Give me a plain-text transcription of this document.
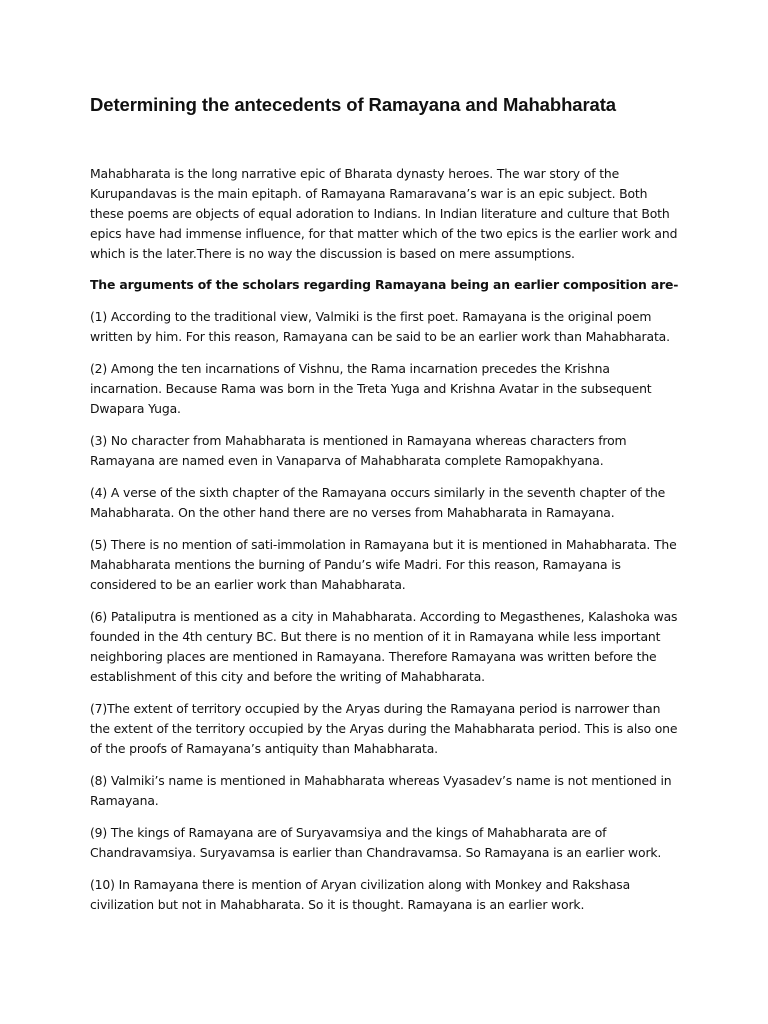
Determining the antecedents of Ramayana and Mahabharata

Mahabharata is the long narrative epic of Bharata dynasty heroes. The war story of the Kurupandavas is the main epitaph. of Ramayana Ramaravana’s war is an epic subject. Both these poems are objects of equal adoration to Indians. In Indian literature and culture that Both epics have had immense influence, for that matter which of the two epics is the earlier work and which is the later.There is no way the discussion is based on mere assumptions.

The arguments of the scholars regarding Ramayana being an earlier composition are-

(1) According to the traditional view, Valmiki is the first poet. Ramayana is the original poem written by him. For this reason, Ramayana can be said to be an earlier work than Mahabharata.
(2) Among the ten incarnations of Vishnu, the Rama incarnation precedes the Krishna incarnation. Because Rama was born in the Treta Yuga and Krishna Avatar in the subsequent Dwapara Yuga.
(3) No character from Mahabharata is mentioned in Ramayana whereas characters from Ramayana are named even in Vanaparva of Mahabharata complete Ramopakhyana.
(4) A verse of the sixth chapter of the Ramayana occurs similarly in the seventh chapter of the Mahabharata. On the other hand there are no verses from Mahabharata in Ramayana.
(5) There is no mention of sati-immolation in Ramayana but it is mentioned in Mahabharata. The Mahabharata mentions the burning of Pandu’s wife Madri. For this reason, Ramayana is considered to be an earlier work than Mahabharata.
(6) Pataliputra is mentioned as a city in Mahabharata. According to Megasthenes, Kalashoka was founded in the 4th century BC. But there is no mention of it in Ramayana while less important neighboring places are mentioned in Ramayana. Therefore Ramayana was written before the establishment of this city and before the writing of Mahabharata.
(7)The extent of territory occupied by the Aryas during the Ramayana period is narrower than the extent of the territory occupied by the Aryas during the Mahabharata period. This is also one of the proofs of Ramayana’s antiquity than Mahabharata.
(8) Valmiki’s name is mentioned in Mahabharata whereas Vyasadev’s name is not mentioned in Ramayana.
(9) The kings of Ramayana are of Suryavamsiya and the kings of Mahabharata are of Chandravamsiya. Suryavamsa is earlier than Chandravamsa. So Ramayana is an earlier work.
(10) In Ramayana there is mention of Aryan civilization along with Monkey and Rakshasa civilization but not in Mahabharata. So it is thought. Ramayana is an earlier work.
